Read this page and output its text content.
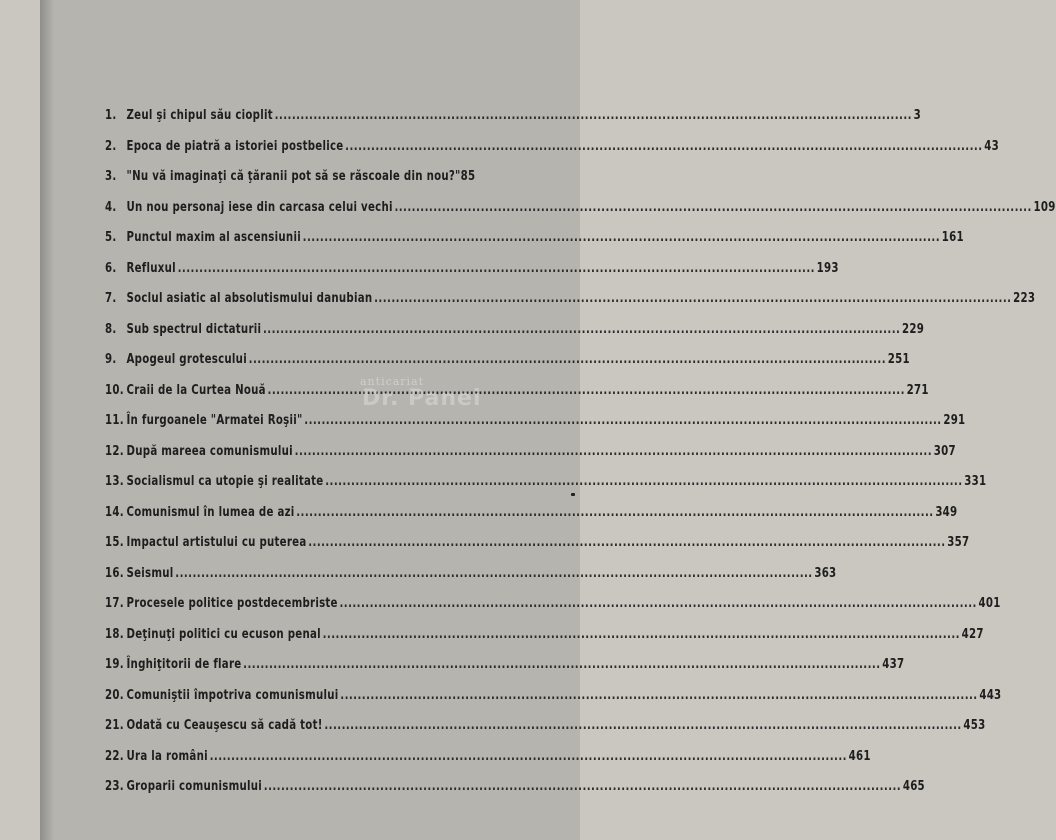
1. Zeul şi chipul său cioplit .....	3
2. Epoca de piatră a istoriei postbelice .....	43
3. "Nu vă imaginaţi că ţăranii pot să se răscoale din nou?" 85
4. Un nou personaj iese din carcasa celui vechi .....	109
5. Punctul maxim al ascensiunii .....	161
6. Refluxul .....	193
7. Soclul asiatic al absolutismului danubian .....	223
8. Sub spectrul dictaturii .....	229
9. Apogeul grotescului .....	251
10. Craii de la Curtea Nouă .....	271
11. În furgoanele "Armatei Roşii" .....	291
12. După mareea comunismului .....	307
13. Socialismul ca utopie şi realitate .....	331
14. Comunismul în lumea de azi .....	349
15. Impactul artistului cu puterea .....	357
16. Seismul .....	363
17. Procesele politice postdecembriste .....	401
18. Deţinuţi politici cu ecuson penal .....	427
19. Înghiţitorii de flare .....	437
20. Comuniştii împotriva comunismului .....	443
21. Odată cu Ceauşescu să cadă tot! .....	453
22. Ura la români .....	461
23. Groparii comunismului .....	465
anticariat
Dr. Panei
